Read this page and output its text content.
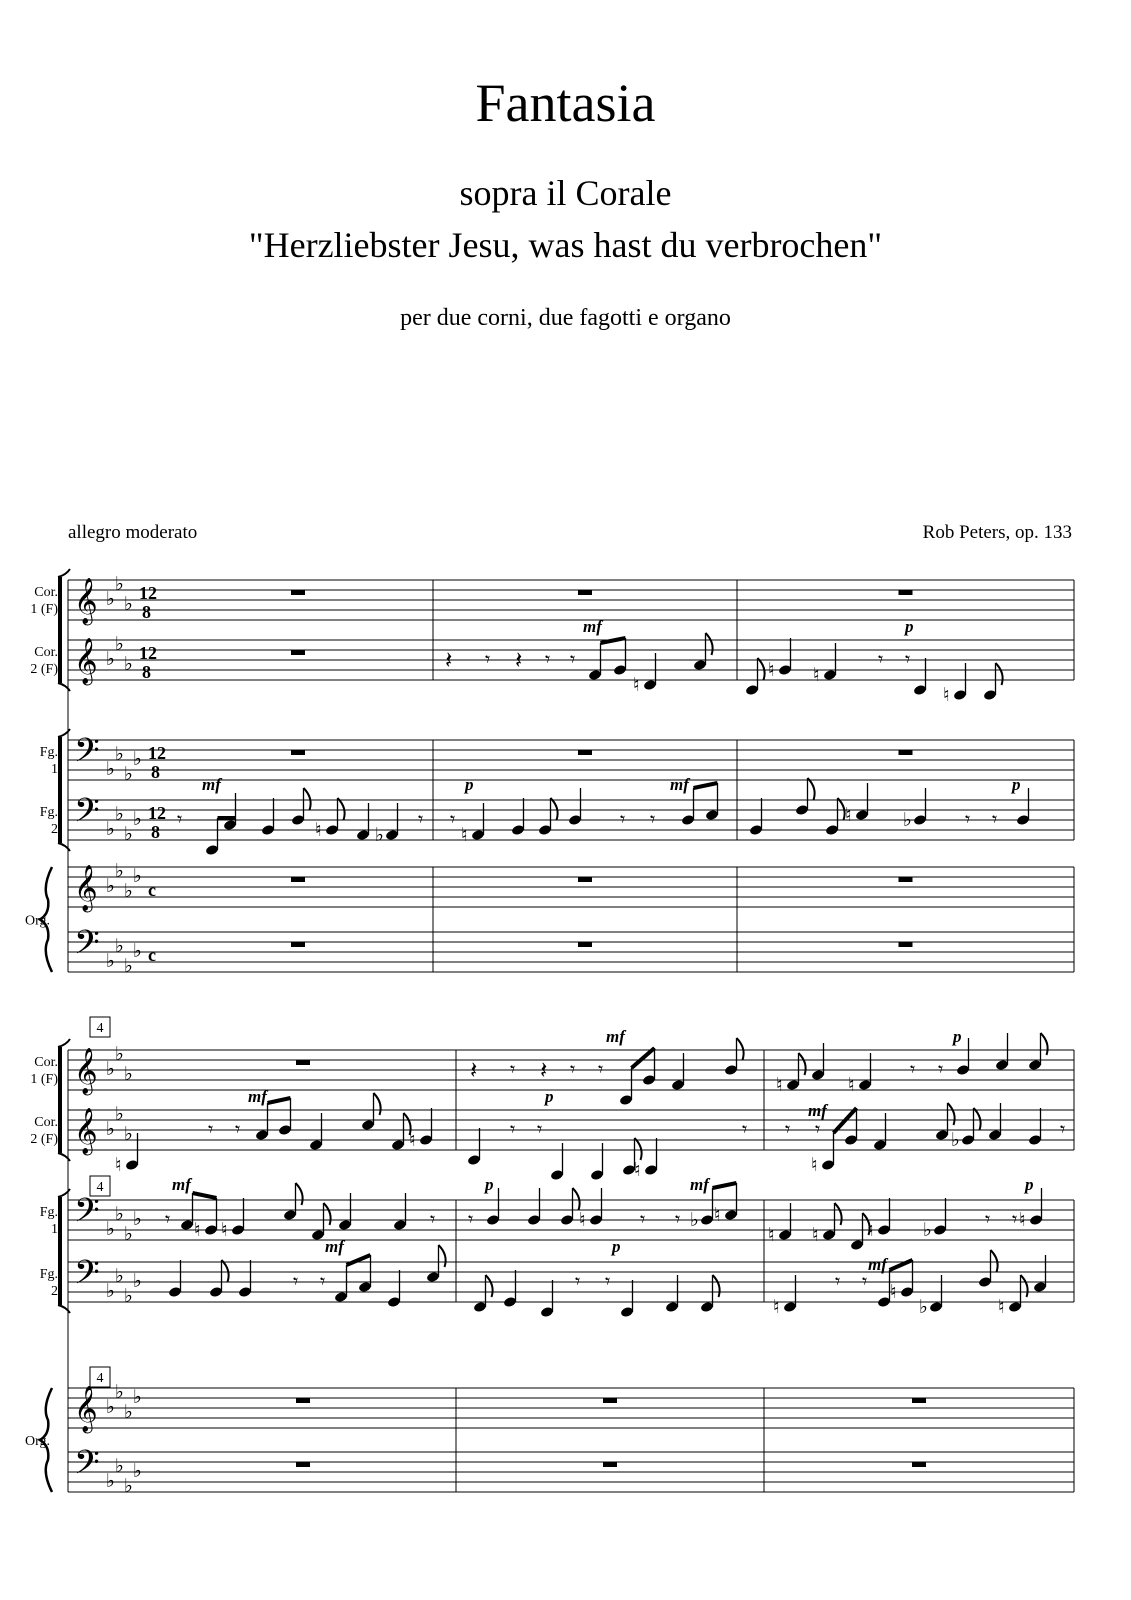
Fantasia
sopra il Corale
"Herzliebster Jesu, was hast du verbrochen"
per due corni, due fagotti e organo
allegro moderato	Rob Peters, op. 133
Cor.
1 (F)
Cor.
2 (F)
Fg.
1
Fg.
2
Org.
𝄞 ♭
♭
♭
12
8
𝄞 ♭
♭
♭
12
8
𝄢 ♭
♭
♭
♭ 12
8
𝄢 ♭
♭
♭
♭ 12
8
𝄞 ♭
♭
♭
♭
c
𝄢 ♭
♭
♭
♭ c
𝄽 𝄾 𝄽 𝄾 𝄾
mf
♮
♮ ♮
𝄾 𝄾
p
♮
𝄾
mf
♮	♭
𝄾 𝄾
♮
p
𝄾 𝄾
mf
♮	♭	𝄾 𝄾
p
Cor.
1 (F)
Cor.
2 (F)
Fg.
1
Fg.
2
Org.
𝄞 ♭
♭
♭
𝄞 ♭
♭
♭
𝄢 ♭
♭
♭
♭
𝄢 ♭
♭
♭
♭
𝄞 ♭
♭
♭
♭
𝄢 ♭
♭
♭
♭
4
4
4
𝄽 𝄾 𝄽 𝄾 𝄾
mf
♮	♮
𝄾 𝄾
p
♮
𝄾 𝄾
mf
♮	𝄾 𝄾
p
♮
𝄾 𝄾 𝄾
♮
mf
♭	𝄾
𝄾 ♮
mf
♮	𝄾 𝄾
p
♮	𝄾 𝄾 ♭ ♮
mf
♮ ♮	♮	♭	𝄾 𝄾 ♮
p
𝄾 𝄾
mf
𝄾 𝄾
p
♮
𝄾 𝄾 ♮
mf
♭	♮
